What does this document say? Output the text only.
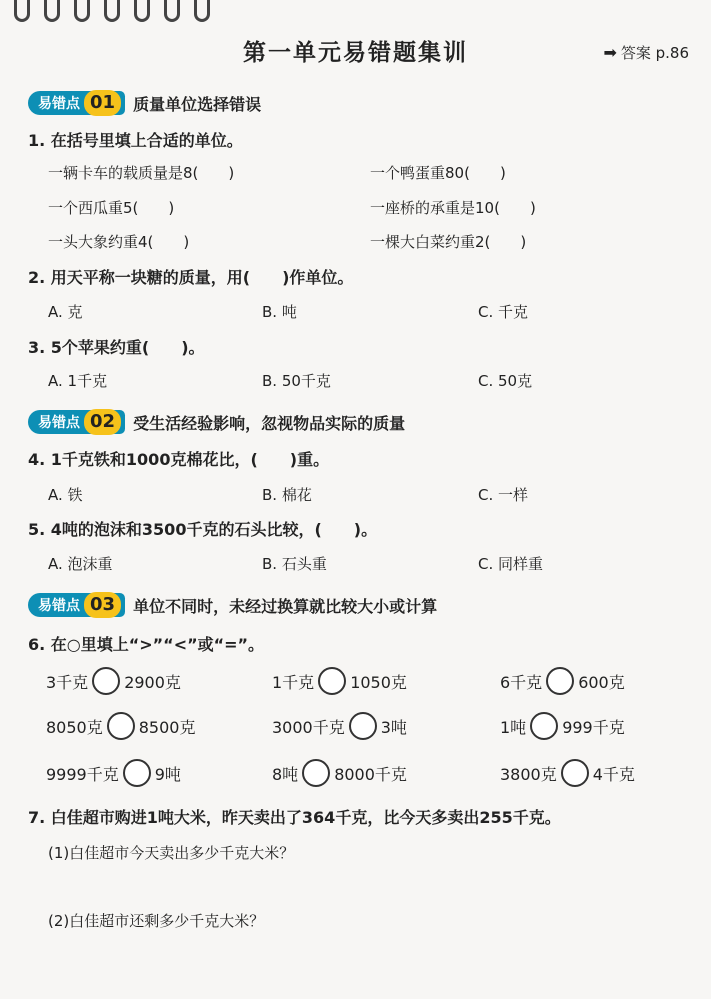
第一单元易错题集训	➡ 答案 p.86
易错点 01	质量单位选择错误
1. 在括号里填上合适的单位。
一辆卡车的载质量是8(　　)	一个鸭蛋重80(　　)
一个西瓜重5(　　)	一座桥的承重是10(　　)
一头大象约重4(　　)	一棵大白菜约重2(　　)
2. 用天平称一块糖的质量，用(　　)作单位。
A. 克	B. 吨	C. 千克
3. 5个苹果约重(　　)。
A. 1千克	B. 50千克	C. 50克
易错点 02	受生活经验影响，忽视物品实际的质量
4. 1千克铁和1000克棉花比，(　　)重。
A. 铁	B. 棉花	C. 一样
5. 4吨的泡沫和3500千克的石头比较，(　　)。
A. 泡沫重	B. 石头重	C. 同样重
易错点 03	单位不同时，未经过换算就比较大小或计算
6. 在○里填上“>”“<”或“=”。
3千克 2900克	1千克 1050克	6千克 600克
8050克 8500克	3000千克 3吨	1吨 999千克
9999千克 9吨	8吨 8000千克	3800克 4千克
7. 白佳超市购进1吨大米，昨天卖出了364千克，比今天多卖出255千克。
(1)白佳超市今天卖出多少千克大米？
(2)白佳超市还剩多少千克大米？
